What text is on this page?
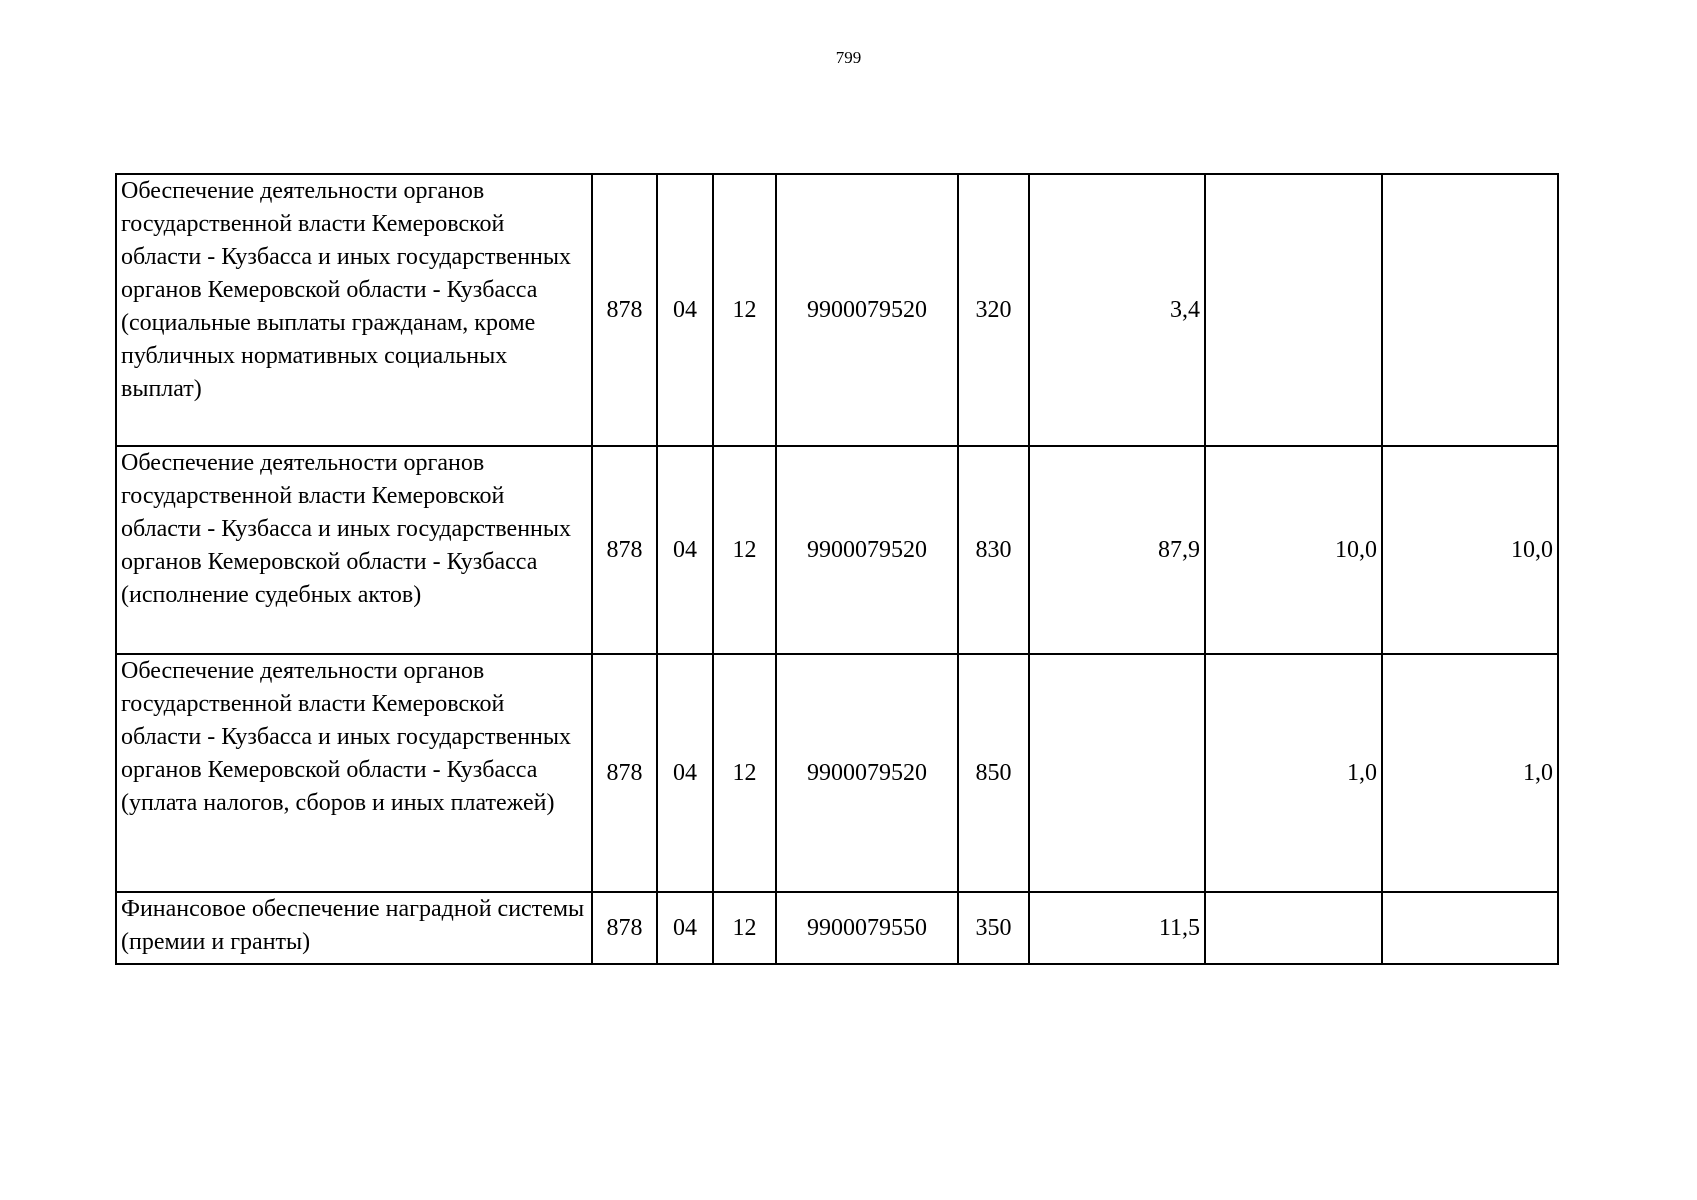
799
Обеспечение деятельности органов государственной власти Кемеровской области - Кузбасса и иных государственных органов Кемеровской области - Кузбасса (социальные выплаты гражданам, кроме публичных нормативных социальных выплат)	878	04	12	9900079520	320	3,4		
Обеспечение деятельности органов государственной власти Кемеровской области - Кузбасса и иных государственных органов Кемеровской области - Кузбасса (исполнение судебных актов)	878	04	12	9900079520	830	87,9	10,0	10,0
Обеспечение деятельности органов государственной власти Кемеровской области - Кузбасса и иных государственных органов Кемеровской области - Кузбасса (уплата налогов, сборов и иных платежей)	878	04	12	9900079520	850		1,0	1,0
Финансовое обеспечение наградной системы (премии и гранты)	878	04	12	9900079550	350	11,5		
